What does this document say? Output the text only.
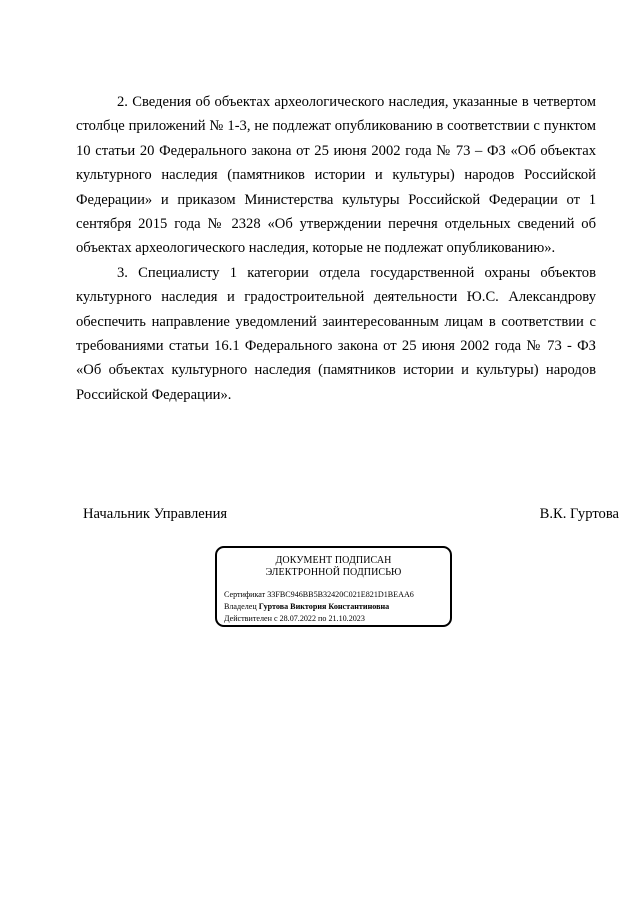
2. Сведения об объектах археологического наследия, указанные в четвертом столбце приложений № 1-3, не подлежат опубликованию в соответствии с пунктом 10 статьи 20 Федерального закона от 25 июня 2002 года № 73 – ФЗ «Об объектах культурного наследия (памятников истории и культуры) народов Российской Федерации» и приказом Министерства культуры Российской Федерации от 1 сентября 2015 года № 2328 «Об утверждении перечня отдельных сведений об объектах археологического наследия, которые не подлежат опубликованию».

3. Специалисту 1 категории отдела государственной охраны объектов культурного наследия и градостроительной деятельности Ю.С. Александрову обеспечить направление уведомлений заинтересованным лицам в соответствии с требованиями статьи 16.1 Федерального закона от 25 июня 2002 года № 73 - ФЗ «Об объектах культурного наследия (памятников истории и культуры) народов Российской Федерации».

Начальник Управления	В.К. Гуртова
ДОКУМЕНТ ПОДПИСАН
ЭЛЕКТРОННОЙ ПОДПИСЬЮ
Сертификат 33FBC946BB5B32420C021E821D1BEAA6
Владелец Гуртова Виктория Константиновна
Действителен с 28.07.2022 по 21.10.2023
